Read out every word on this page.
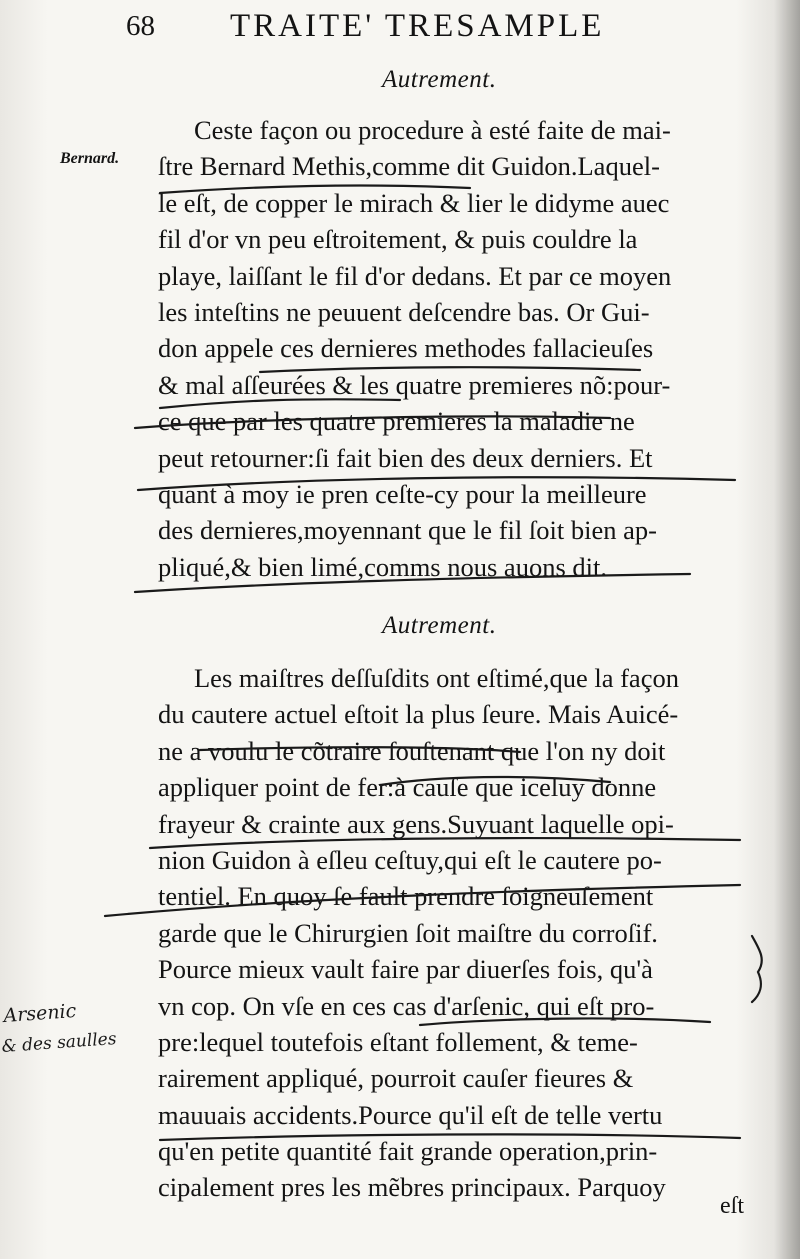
68 TRAITE' TRESAMPLE
Autrement.
Bernard.
Ceste façon ou procedure à esté faite de mai-
ſtre Bernard Methis,comme dit Guidon.Laquel-
le eſt, de copper le mirach & lier le didyme auec
fil d'or vn peu eſtroitement, & puis couldre la
playe, laiſſant le fil d'or dedans. Et par ce moyen
les inteſtins ne peuuent deſcendre bas. Or Gui-
don appele ces dernieres methodes fallacieuſes
& mal aſſeurées & les quatre premieres nõ:pour-
ce que par les quatre premieres la maladie ne
peut retourner:ſi fait bien des deux derniers. Et
quant à moy ie pren ceſte-cy pour la meilleure
des dernieres,moyennant que le fil ſoit bien ap-
pliqué,& bien limé,comms nous auons dit.
Autrement.
Les maiſtres deſſuſdits ont eſtimé,que la façon
du cautere actuel eſtoit la plus ſeure. Mais Auicé-
ne a voulu le cõtraire ſouſtenant que l'on ny doit
appliquer point de fer:à cauſe que iceluy donne
frayeur & crainte aux gens.Suyuant laquelle opi-
nion Guidon à eſleu ceſtuy,qui eſt le cautere po-
tentiel. En quoy ſe fault prendre ſoigneuſement
garde que le Chirurgien ſoit maiſtre du corroſif.
Pource mieux vault faire par diuerſes fois, qu'à
vn cop. On vſe en ces cas d'arſenic, qui eſt pro-
pre:lequel toutefois eſtant follement, & teme-
rairement appliqué, pourroit cauſer fieures &
mauuais accidents.Pource qu'il eſt de telle vertu
qu'en petite quantité fait grande operation,prin-
cipalement pres les mẽbres principaux. Parquoy
eſt
Arsenic
& des saulles
